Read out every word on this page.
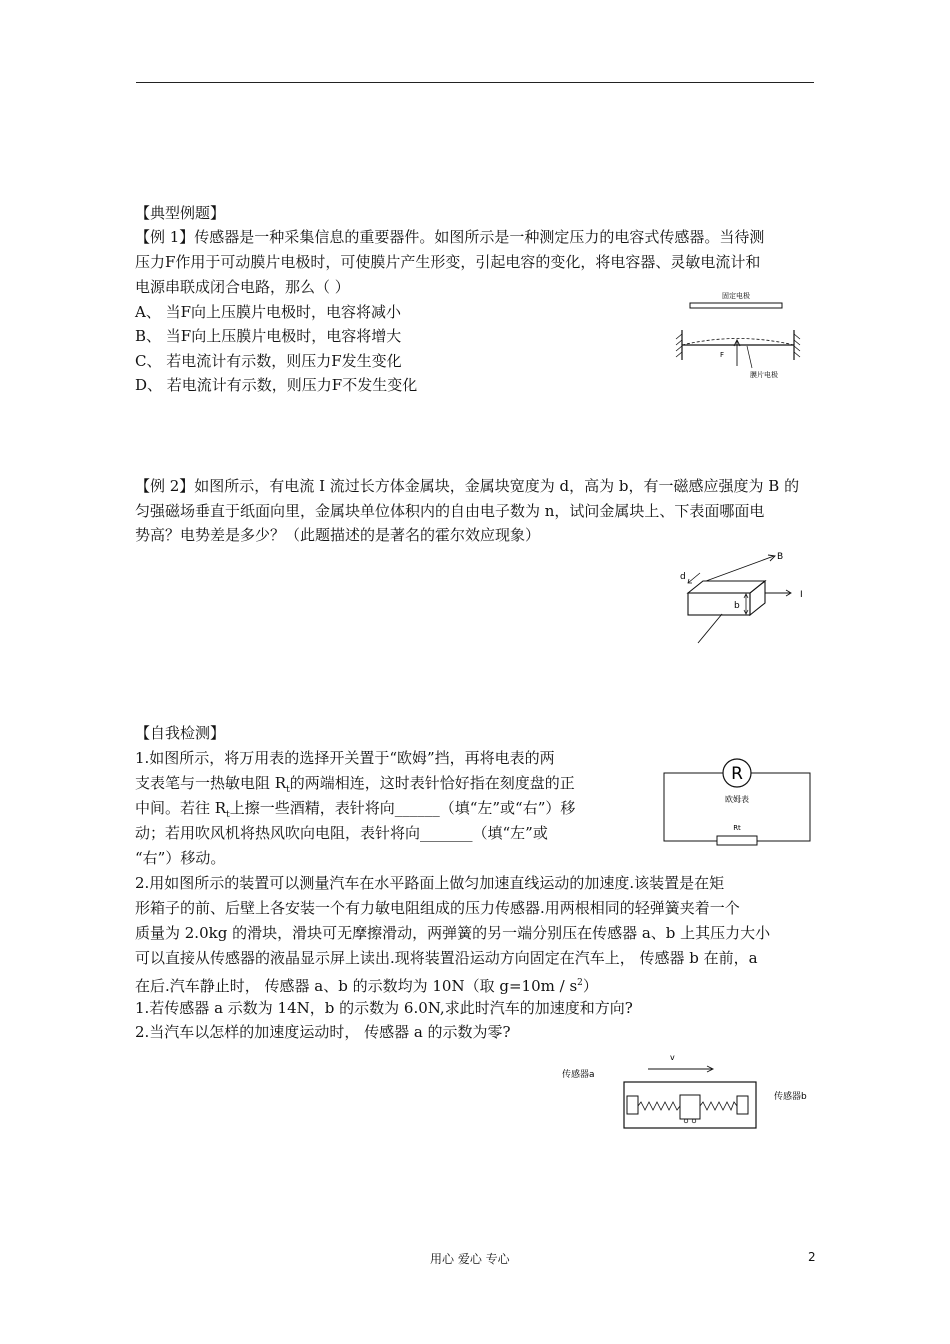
【典型例题】
【例 1】传感器是一种采集信息的重要器件。如图所示是一种测定压力的电容式传感器。当待测
压力F作用于可动膜片电极时，可使膜片产生形变，引起电容的变化，将电容器、灵敏电流计和
电源串联成闭合电路，那么（ ）
A、 当F向上压膜片电极时，电容将减小
B、 当F向上压膜片电极时，电容将增大
C、 若电流计有示数，则压力F发生变化
D、 若电流计有示数，则压力F不发生变化
固定电极
F
膜片电极
【例 2】如图所示，有电流 I 流过长方体金属块，金属块宽度为 d，高为 b，有一磁感应强度为 B 的
匀强磁场垂直于纸面向里，金属块单位体积内的自由电子数为 n，试问金属块上、下表面哪面电
势高？电势差是多少？（此题描述的是著名的霍尔效应现象）
B
d
b
I
【自我检测】
1.如图所示，将万用表的选择开关置于“欧姆”挡，再将电表的两
支表笔与一热敏电阻 $R_t$的两端相连，这时表针恰好指在刻度盘的正
中间。若往 $R_t$上擦一些酒精，表针将向______（填“左”或“右”）移
动；若用吹风机将热风吹向电阻，表针将向_______（填“左”或
“右”）移动。
R
欧姆表
Rt
2.用如图所示的装置可以测量汽车在水平路面上做匀加速直线运动的加速度.该装置是在矩
形箱子的前、后壁上各安装一个有力敏电阻组成的压力传感器.用两根相同的轻弹簧夹着一个
质量为 2.0kg 的滑块，滑块可无摩擦滑动，两弹簧的另一端分别压在传感器 a、b 上其压力大小
可以直接从传感器的液晶显示屏上读出.现将装置沿运动方向固定在汽车上， 传感器 b 在前，a
在后.汽车静止时， 传感器 a、b 的示数均为 10N（取 $g=10m / s^2$）
1.若传感器 a 示数为 14N，b 的示数为 6.0N,求此时汽车的加速度和方向?
2.当汽车以怎样的加速度运动时， 传感器 a 的示数为零?
v
传感器a
传感器b
用心 爱心 专心	2
